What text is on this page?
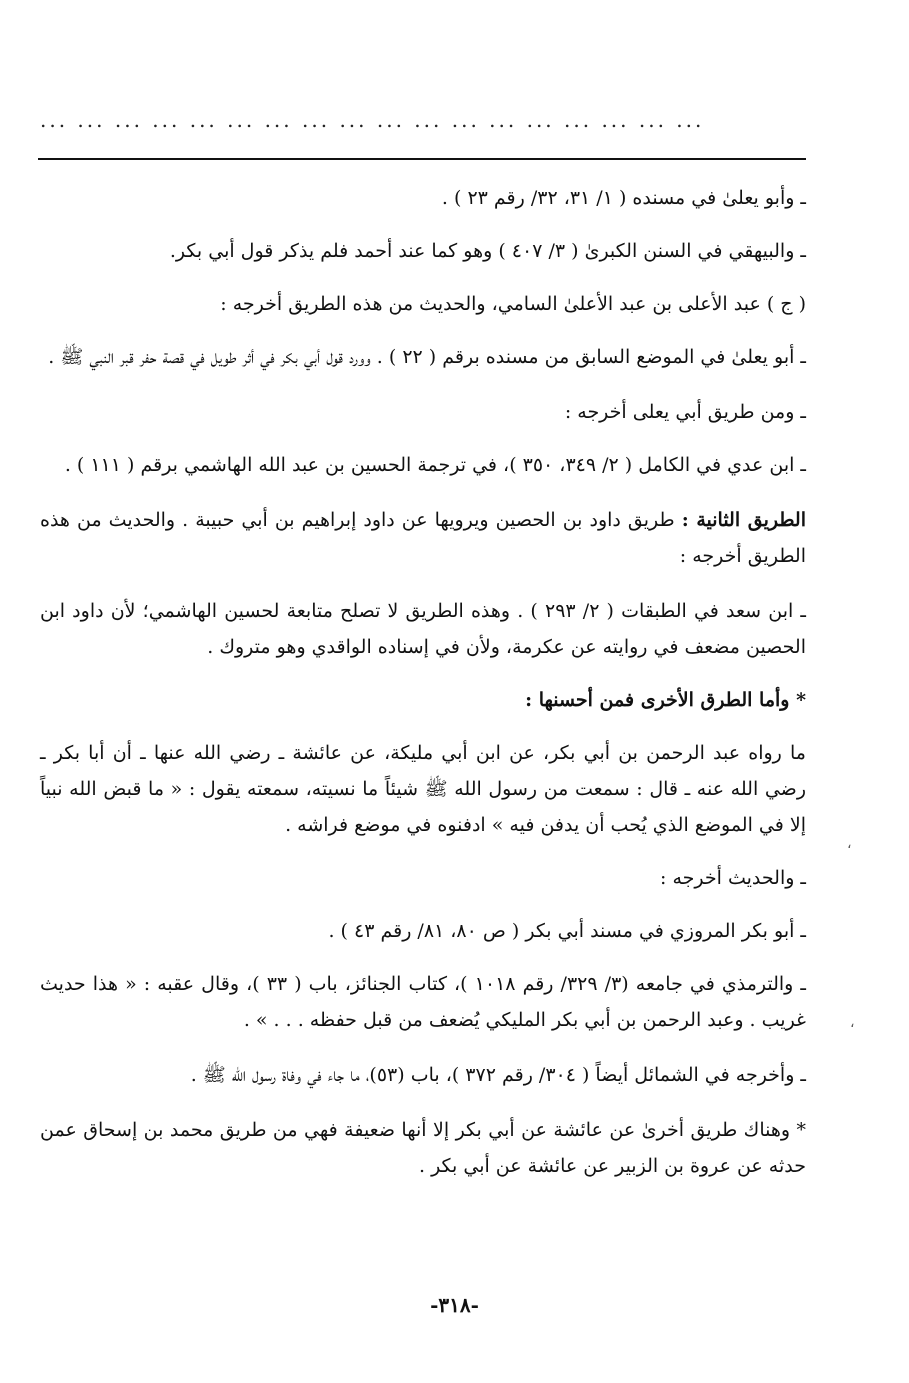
... ... ... ... ... ... ... ... ... ... ... ... ... ... ... ... ... ...

ـ وأبو يعلىٰ في مسنده ( ١/ ٣١، ٣٢/ رقم ٢٣ ) .

ـ والبيهقي في السنن الكبرىٰ ( ٣/ ٤٠٧ ) وهو كما عند أحمد فلم يذكر قول أبي بكر.

( ج ) عبد الأعلى بن عبد الأعلىٰ السامي، والحديث من هذه الطريق أخرجه :

ـ أبو يعلىٰ في الموضع السابق من مسنده برقم ( ٢٢ ) . وورد قول أبي بكر في أثر طويل في قصة حفر قبر النبي ﷺ .

ـ ومن طريق أبي يعلى أخرجه :

ـ ابن عدي في الكامل ( ٢/ ٣٤٩، ٣٥٠ )، في ترجمة الحسين بن عبد الله الهاشمي برقم ( ١١١ ) .

الطريق الثانية : طريق داود بن الحصين ويرويها عن داود إبراهيم بن أبي حبيبة . والحديث من هذه الطريق أخرجه :

ـ ابن سعد في الطبقات ( ٢/ ٢٩٣ ) . وهذه الطريق لا تصلح متابعة لحسين الهاشمي؛ لأن داود ابن الحصين مضعف في روايته عن عكرمة، ولأن في إسناده الواقدي وهو متروك .

* وأما الطرق الأخرى فمن أحسنها :

ما رواه عبد الرحمن بن أبي بكر، عن ابن أبي مليكة، عن عائشة ـ رضي الله عنها ـ أن أبا بكر ـ رضي الله عنه ـ قال : سمعت من رسول الله ﷺ شيئاً ما نسيته، سمعته يقول : « ما قبض الله نبياً إلا في الموضع الذي يُحب أن يدفن فيه » ادفنوه في موضع فراشه .

ـ والحديث أخرجه :

ـ أبو بكر المروزي في مسند أبي بكر ( ص ٨٠، ٨١/ رقم ٤٣ ) .

ـ والترمذي في جامعه (٣/ ٣٢٩/ رقم ١٠١٨ )، كتاب الجنائز، باب ( ٣٣ )، وقال عقبه : « هذا حديث غريب . وعبد الرحمن بن أبي بكر المليكي يُضعف من قبل حفظه . . . » .

ـ وأخرجه في الشمائل أيضاً ( ٣٠٤/ رقم ٣٧٢ )، باب (٥٣)، ما جاء في وفاة رسول الله ﷺ .

* وهناك طريق أخرىٰ عن عائشة عن أبي بكر إلا أنها ضعيفة فهي من طريق محمد بن إسحاق عمن حدثه عن عروة بن الزبير عن عائشة عن أبي بكر .

،
،
-٣١٨-
